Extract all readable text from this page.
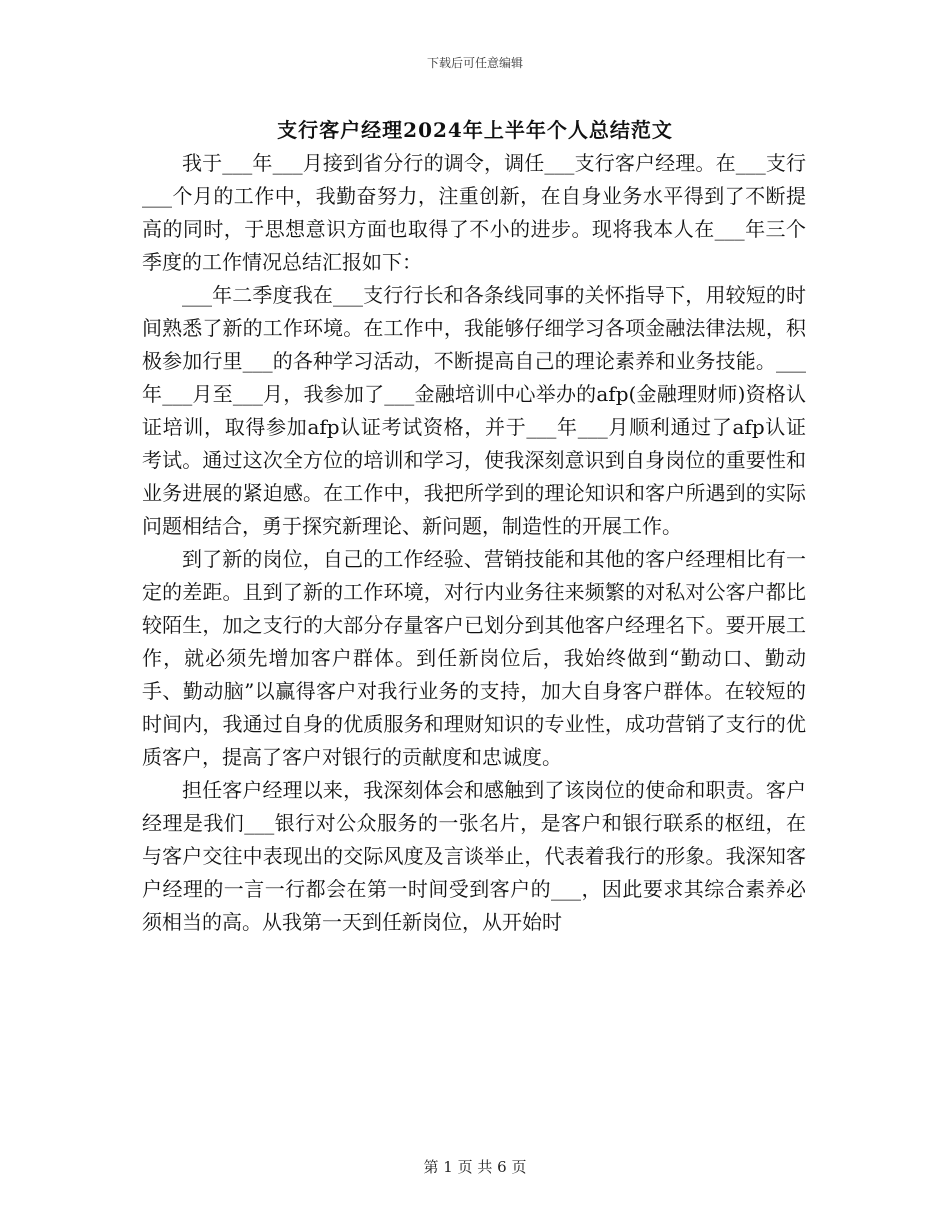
下载后可任意编辑
支行客户经理2024年上半年个人总结范文

我于___年___月接到省分行的调令，调任___支行客户经理。在___支行___个月的工作中，我勤奋努力，注重创新，在自身业务水平得到了不断提高的同时，于思想意识方面也取得了不小的进步。现将我本人在___年三个季度的工作情况总结汇报如下：

___年二季度我在___支行行长和各条线同事的关怀指导下，用较短的时间熟悉了新的工作环境。在工作中，我能够仔细学习各项金融法律法规，积极参加行里___的各种学习活动，不断提高自己的理论素养和业务技能。___年___月至___月，我参加了___金融培训中心举办的afp(金融理财师)资格认证培训，取得参加afp认证考试资格，并于___年___月顺利通过了afp认证考试。通过这次全方位的培训和学习，使我深刻意识到自身岗位的重要性和业务进展的紧迫感。在工作中，我把所学到的理论知识和客户所遇到的实际问题相结合，勇于探究新理论、新问题，制造性的开展工作。

到了新的岗位，自己的工作经验、营销技能和其他的客户经理相比有一定的差距。且到了新的工作环境，对行内业务往来频繁的对私对公客户都比较陌生，加之支行的大部分存量客户已划分到其他客户经理名下。要开展工作，就必须先增加客户群体。到任新岗位后，我始终做到“勤动口、勤动手、勤动脑”以赢得客户对我行业务的支持，加大自身客户群体。在较短的时间内，我通过自身的优质服务和理财知识的专业性，成功营销了支行的优质客户，提高了客户对银行的贡献度和忠诚度。

担任客户经理以来，我深刻体会和感触到了该岗位的使命和职责。客户经理是我们___银行对公众服务的一张名片，是客户和银行联系的枢纽，在与客户交往中表现出的交际风度及言谈举止，代表着我行的形象。我深知客户经理的一言一行都会在第一时间受到客户的___，因此要求其综合素养必须相当的高。从我第一天到任新岗位，从开始时

第 1 页 共 6 页
